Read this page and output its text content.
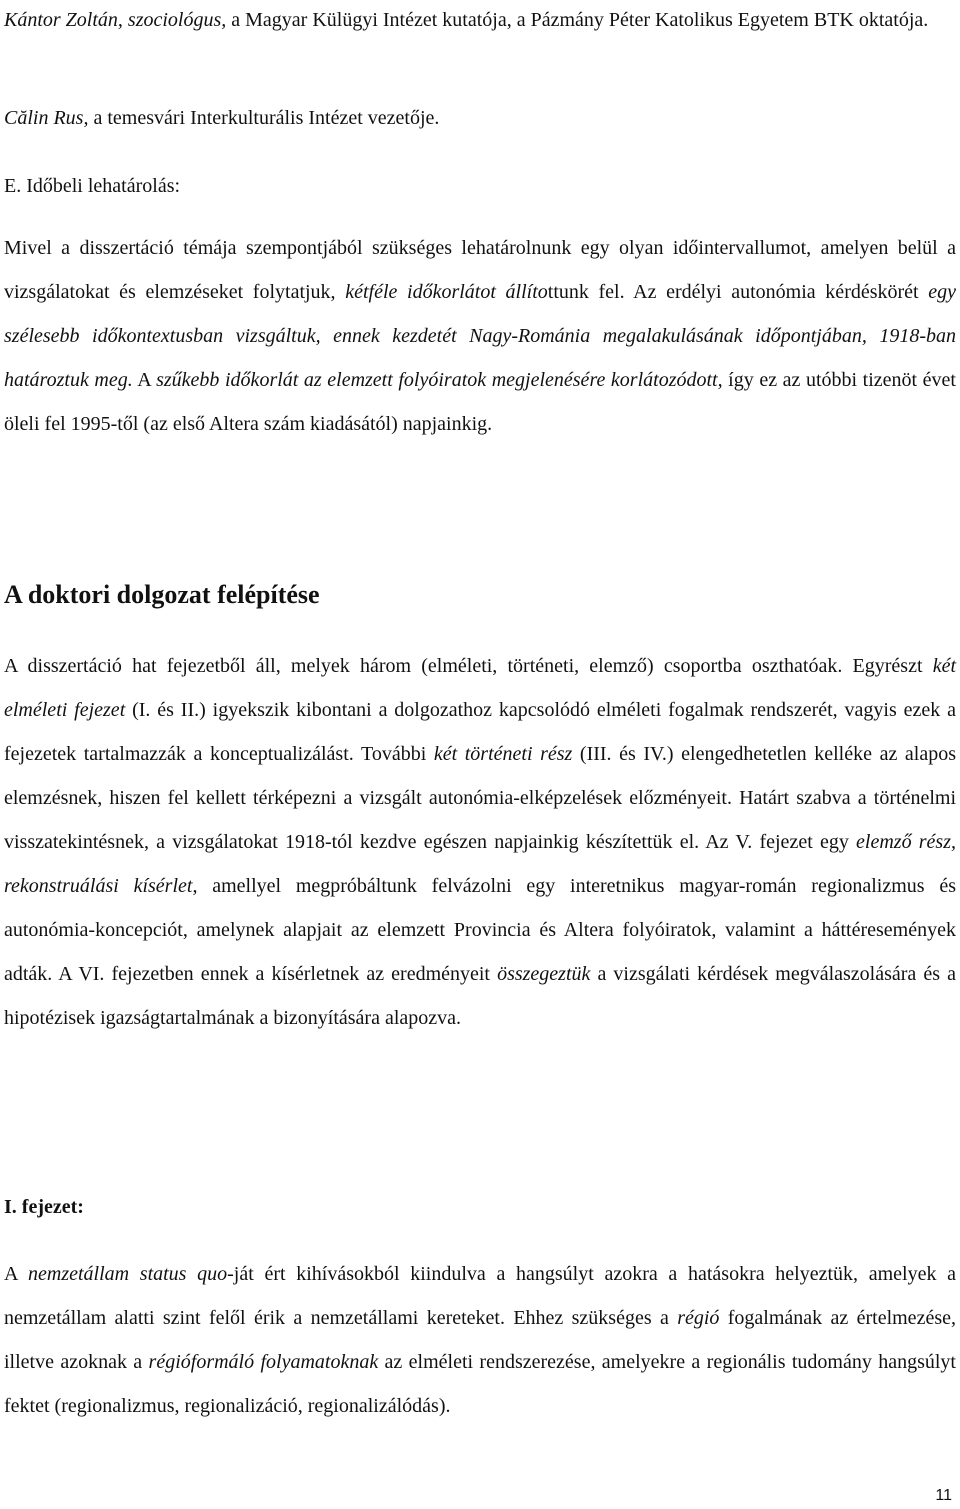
Kántor Zoltán, szociológus, a Magyar Külügyi Intézet kutatója, a Pázmány Péter Katolikus Egyetem BTK oktatója.

Călin Rus, a temesvári Interkulturális Intézet vezetője.

E. Időbeli lehatárolás:

Mivel a disszertáció témája szempontjából szükséges lehatárolnunk egy olyan időintervallumot, amelyen belül a vizsgálatokat és elemzéseket folytatjuk, kétféle időkorlátot állítottunk fel. Az erdélyi autonómia kérdéskörét egy szélesebb időkontextusban vizsgáltuk, ennek kezdetét Nagy-Románia megalakulásának időpontjában, 1918-ban határoztuk meg. A szűkebb időkorlát az elemzett folyóiratok megjelenésére korlátozódott, így ez az utóbbi tizenöt évet öleli fel 1995-től (az első Altera szám kiadásától) napjainkig.

A doktori dolgozat felépítése

A disszertáció hat fejezetből áll, melyek három (elméleti, történeti, elemző) csoportba oszthatóak. Egyrészt két elméleti fejezet (I. és II.) igyekszik kibontani a dolgozathoz kapcsolódó elméleti fogalmak rendszerét, vagyis ezek a fejezetek tartalmazzák a konceptualizálást. További két történeti rész (III. és IV.) elengedhetetlen kelléke az alapos elemzésnek, hiszen fel kellett térképezni a vizsgált autonómia-elképzelések előzményeit. Határt szabva a történelmi visszatekintésnek, a vizsgálatokat 1918-tól kezdve egészen napjainkig készítettük el. Az V. fejezet egy elemző rész, rekonstruálási kísérlet, amellyel megpróbáltunk felvázolni egy interetnikus magyar-román regionalizmus és autonómia-koncepciót, amelynek alapjait az elemzett Provincia és Altera folyóiratok, valamint a háttéresemények adták. A VI. fejezetben ennek a kísérletnek az eredményeit összegeztük a vizsgálati kérdések megválaszolására és a hipotézisek igazságtartalmának a bizonyítására alapozva.

I. fejezet:

A nemzetállam status quo-ját ért kihívásokból kiindulva a hangsúlyt azokra a hatásokra helyeztük, amelyek a nemzetállam alatti szint felől érik a nemzetállami kereteket. Ehhez szükséges a régió fogalmának az értelmezése, illetve azoknak a régióformáló folyamatoknak az elméleti rendszerezése, amelyekre a regionális tudomány hangsúlyt fektet (regionalizmus, regionalizáció, regionalizálódás).

11
